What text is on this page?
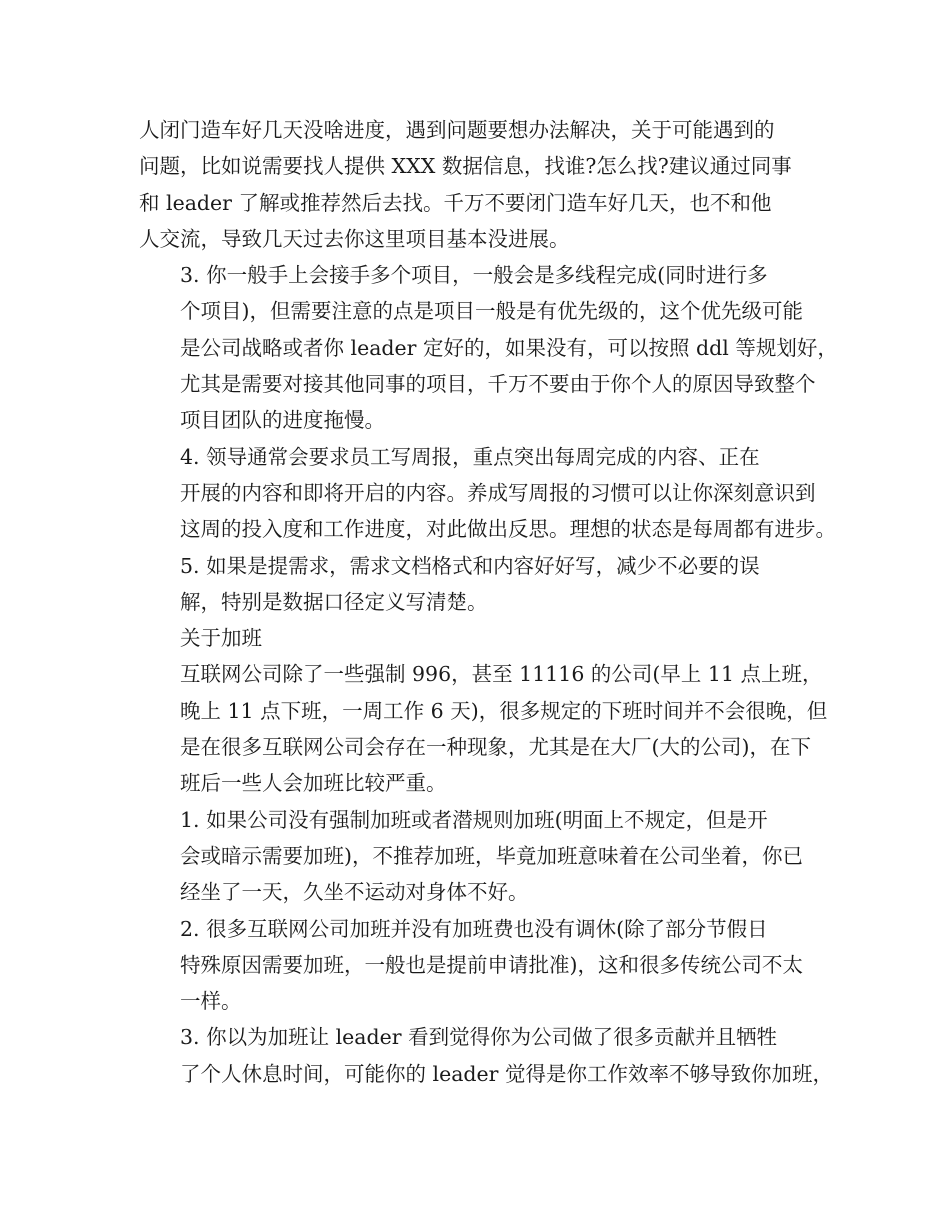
人闭门造车好几天没啥进度，遇到问题要想办法解决，关于可能遇到的
问题，比如说需要找人提供 XXX 数据信息，找谁?怎么找?建议通过同事
和 leader 了解或推荐然后去找。千万不要闭门造车好几天，也不和他
人交流，导致几天过去你这里项目基本没进展。
3. 你一般手上会接手多个项目，一般会是多线程完成(同时进行多
个项目)，但需要注意的点是项目一般是有优先级的，这个优先级可能
是公司战略或者你 leader 定好的，如果没有，可以按照 ddl 等规划好，
尤其是需要对接其他同事的项目，千万不要由于你个人的原因导致整个
项目团队的进度拖慢。
4. 领导通常会要求员工写周报，重点突出每周完成的内容、正在
开展的内容和即将开启的内容。养成写周报的习惯可以让你深刻意识到
这周的投入度和工作进度，对此做出反思。理想的状态是每周都有进步。
5. 如果是提需求，需求文档格式和内容好好写，减少不必要的误
解，特别是数据口径定义写清楚。
关于加班
互联网公司除了一些强制 996，甚至 11116 的公司(早上 11 点上班，
晚上 11 点下班，一周工作 6 天)，很多规定的下班时间并不会很晚，但
是在很多互联网公司会存在一种现象，尤其是在大厂(大的公司)，在下
班后一些人会加班比较严重。
1. 如果公司没有强制加班或者潜规则加班(明面上不规定，但是开
会或暗示需要加班)，不推荐加班，毕竟加班意味着在公司坐着，你已
经坐了一天，久坐不运动对身体不好。
2. 很多互联网公司加班并没有加班费也没有调休(除了部分节假日
特殊原因需要加班，一般也是提前申请批准)，这和很多传统公司不太
一样。
3. 你以为加班让 leader 看到觉得你为公司做了很多贡献并且牺牲
了个人休息时间，可能你的 leader 觉得是你工作效率不够导致你加班，
